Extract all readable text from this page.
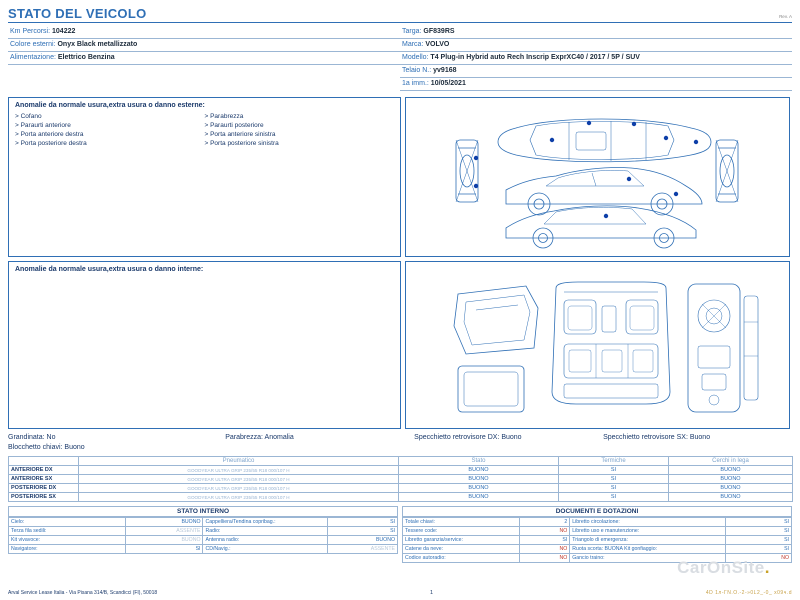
STATO DEL VEICOLO	Rev. A
Km Percorsi: 104222
Colore esterni: Onyx Black metallizzato
Alimentazione: Elettrico Benzina
Targa: GF839RS
Marca: VOLVO
Modello: T4 Plug-in Hybrid auto Rech Inscrip ExprXC40 / 2017 / 5P / SUV
Telaio N.: yv9168
1a imm.: 10/05/2021
Anomalie da normale usura,extra usura o danno esterne:
> Cofano
> Paraurti anteriore
> Porta anteriore destra
> Porta posteriore destra
> Parabrezza
> Paraurti posteriore
> Porta anteriore sinistra
> Porta posteriore sinistra
Anomalie da normale usura,extra usura o danno interne:
Grandinata: No	Parabrezza: Anomalia	Specchietto retrovisore DX: Buono	Specchietto retrovisore SX: Buono
Blocchetto chiavi: Buono
	Pneumatico	Stato	Termiche	Cerchi in lega
ANTERIORE DX	GOODYEAR ULTRA GRIP 235/55 R18 000/107 H	BUONO	SI	BUONO
ANTERIORE SX	GOODYEAR ULTRA GRIP 235/55 R18 000/107 H	BUONO	SI	BUONO
POSTERIORE DX	GOODYEAR ULTRA GRIP 235/55 R18 000/107 H	BUONO	SI	BUONO
POSTERIORE SX	GOODYEAR ULTRA GRIP 235/55 R18 000/107 H	BUONO	SI	BUONO
STATO INTERNO
Cielo:	BUONO	Cappelliera/Tendina copribag.:	SI
Terza fila sedili:	ASSENTE	Radio:	SI
Kit vivavoce:	BUONO	Antenna radio:	BUONO
Navigatore:	SI	CD/Navig.:	ASSENTE
DOCUMENTI E DOTAZIONI
Totale chiavi:	2	Libretto circolazione:	SI
Tessere code:	NO	Libretto uso e manutenzione:	SI
Libretto garanzia/service:	SI	Triangolo di emergenza:	SI
Catene da neve:	NO	Ruota scorta: BUONA Kit gonfiaggio:	SI
Codice autoradio:	NO	Gancio traino:	NO
CarOnSite.
Arval Service Lease Italia - Via Pisana 314/B, Scandicci (FI), 50018	1	4D 1л-ГN.O.-2-»0L2_-0_ х09ч.d
